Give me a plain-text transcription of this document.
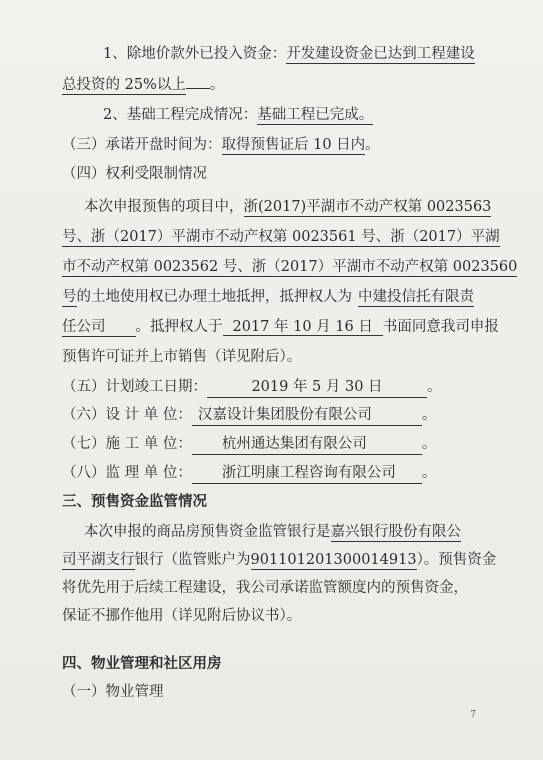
1、除地价款外已投入资金：开发建设资金已达到工程建设
总投资的 25%以上 。
2、基础工程完成情况：基础工程已完成。
（三）承诺开盘时间为：取得预售证后 10 日内。
（四）权利受限制情况
本次申报预售的项目中，浙(2017)平湖市不动产权第 0023563
号、浙（2017）平湖市不动产权第 0023561 号、浙（2017）平湖
市不动产权第 0023562 号、浙（2017）平湖市不动产权第 0023560
号的土地使用权已办理土地抵押，抵押权人为 中建投信托有限责
任公司 。抵押权人于 2017 年 10 月 16 日 书面同意我司申报
预售许可证并上市销售（详见附后）。
（五）计划竣工日期：	2019 年 5 月 30 日	。
（六）设 计 单 位： 汉嘉设计集团股份有限公司	。
（七）施 工 单 位：	杭州通达集团有限公司	。
（八）监 理 单 位：	浙江明康工程咨询有限公司	。
三、预售资金监管情况
本次申报的商品房预售资金监管银行是嘉兴银行股份有限公
司平湖支行银行（监管账户为901101201300014913）。预售资金
将优先用于后续工程建设，我公司承诺监管额度内的预售资金，
保证不挪作他用（详见附后协议书）。
四、物业管理和社区用房
（一）物业管理
7
